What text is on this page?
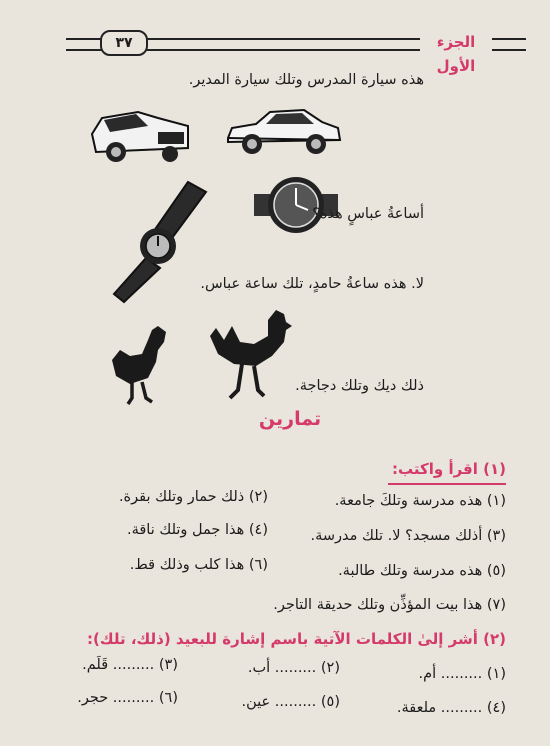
الجزء الأول
٣٧
هذه سيارة المدرس وتلك سيارة المدير.
أساعةُ عباسٍ هذه؟
لا. هذه ساعةُ حامدٍ، تلك ساعة عباس.
ذلك ديك وتلك دجاجة.
تمارين
(١) اقرأ واكتب:
(١) هذه مدرسة وتلكَ جامعة.
(٢) ذلك حمار وتلك بقرة.
(٣) أذلك مسجد؟ لا. تلك مدرسة.
(٤) هذا جمل وتلك ناقة.
(٥) هذه مدرسة وتلك طالبة.
(٦) هذا كلب وذلك قط.
(٧) هذا بيت المؤذِّن وتلك حديقة التاجر.
(٢) أشر إلىٰ الكلمات الآتية باسم إشارة للبعيد (ذلك، تلك):
(١) ......... أم.
(٢) ......... أب.
(٣) ......... قَلَم.
(٤) ......... ملعقة.
(٥) ......... عين.
(٦) ......... حجر.
